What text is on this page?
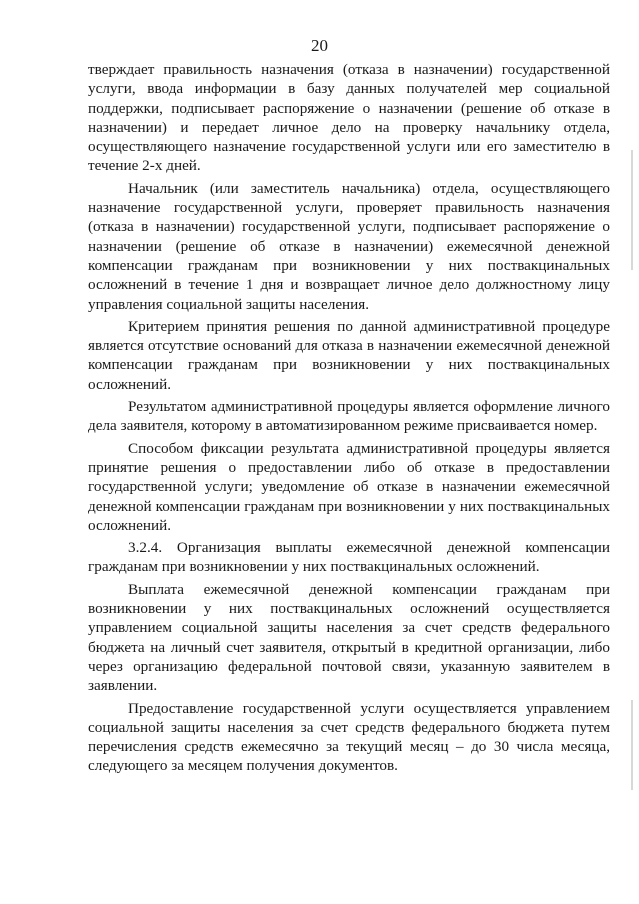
20

тверждает правильность назначения (отказа в назначении) государственной услуги, ввода информации в базу данных получателей мер социальной поддержки, подписывает распоряжение о назначении (решение об отказе в назначении) и передает личное дело на проверку начальнику отдела, осуществляющего назначение государственной услуги или его заместителю в течение 2-х дней.

Начальник (или заместитель начальника) отдела, осуществляющего назначение государственной услуги, проверяет правильность назначения (отказа в назначении) государственной услуги, подписывает распоряжение о назначении (решение об отказе в назначении) ежемесячной денежной компенсации гражданам при возникновении у них поствакцинальных осложнений в течение 1 дня и возвращает личное дело должностному лицу управления социальной защиты населения.

Критерием принятия решения по данной административной процедуре является отсутствие оснований для отказа в назначении ежемесячной денежной компенсации гражданам при возникновении у них поствакцинальных осложнений.

Результатом административной процедуры является оформление личного дела заявителя, которому в автоматизированном режиме присваивается номер.

Способом фиксации результата административной процедуры является принятие решения о предоставлении либо об отказе в предоставлении государственной услуги; уведомление об отказе в назначении ежемесячной денежной компенсации гражданам при возникновении у них поствакцинальных осложнений.

3.2.4. Организация выплаты ежемесячной денежной компенсации гражданам при возникновении у них поствакцинальных осложнений.

Выплата ежемесячной денежной компенсации гражданам при возникновении у них поствакцинальных осложнений осуществляется управлением социальной защиты населения за счет средств федерального бюджета на личный счет заявителя, открытый в кредитной организации, либо через организацию федеральной почтовой связи, указанную заявителем в заявлении.

Предоставление государственной услуги осуществляется управлением социальной защиты населения за счет средств федерального бюджета путем перечисления средств ежемесячно за текущий месяц – до 30 числа месяца, следующего за месяцем получения документов.
